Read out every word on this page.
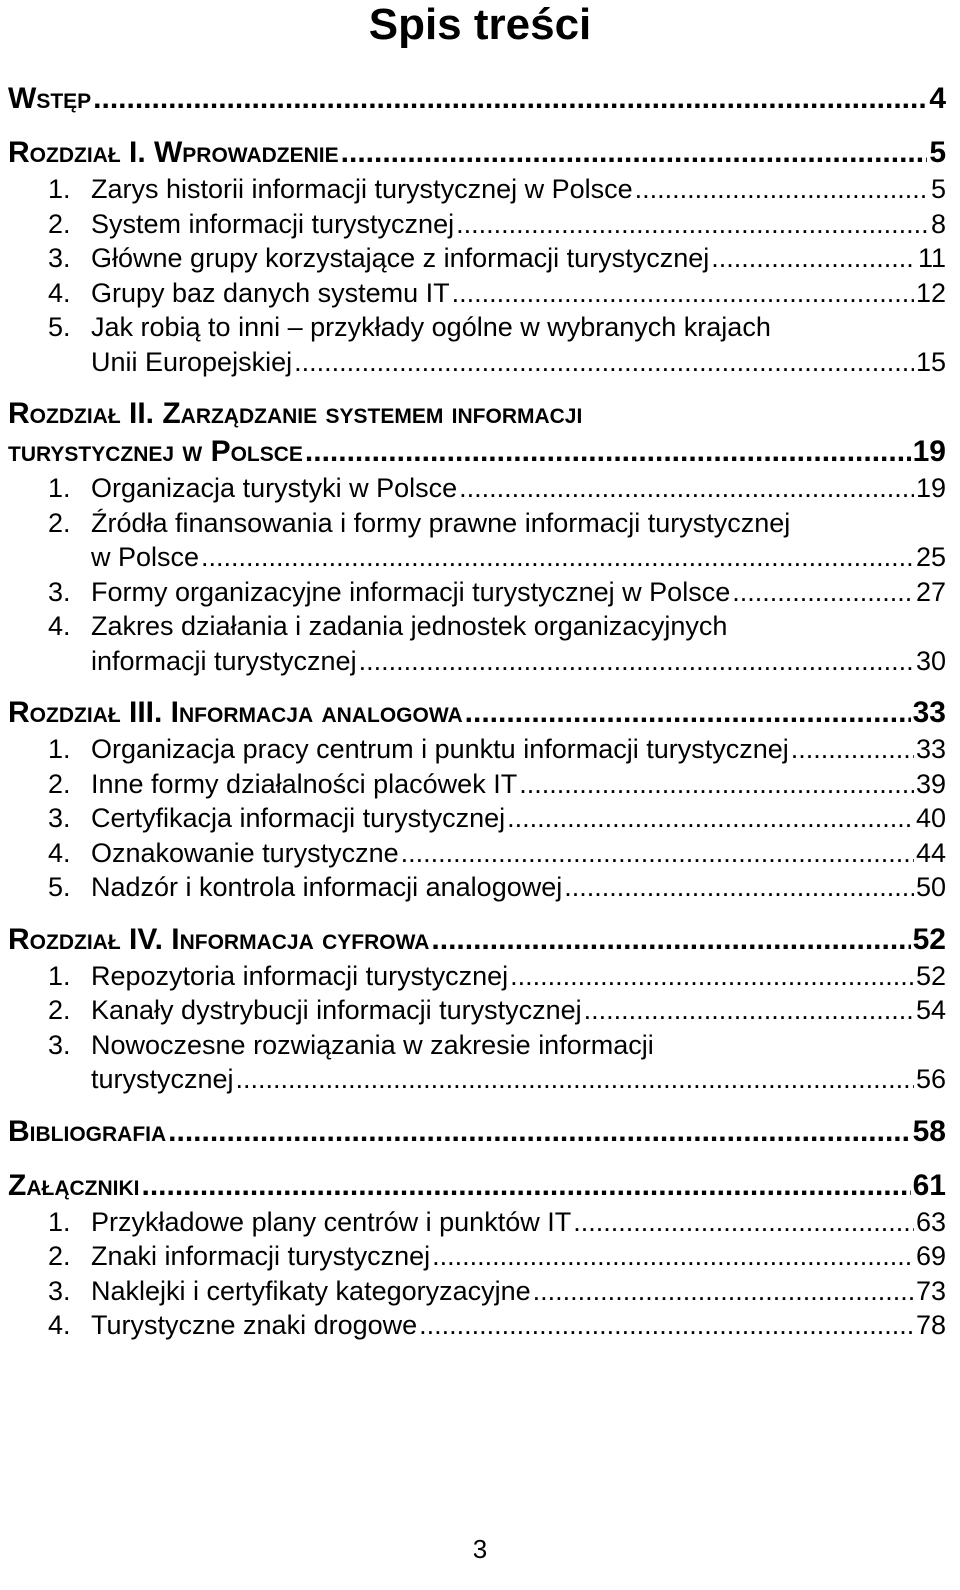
Spis treści
Wstęp .....	4
Rozdział I. Wprowadzenie .....	5
1. Zarys historii informacji turystycznej w Polsce .....	5
2. System informacji turystycznej .....	8
3. Główne grupy korzystające z informacji turystycznej .....	11
4. Grupy baz danych systemu IT .....	12
5. Jak robią to inni – przykłady ogólne w wybranych krajach
Unii Europejskiej .....	15
Rozdział II. Zarządzanie systemem informacji
turystycznej w Polsce .....	19
1. Organizacja turystyki w Polsce .....	19
2. Źródła finansowania i formy prawne informacji turystycznej
w Polsce .....	25
3. Formy organizacyjne informacji turystycznej w Polsce .....	27
4. Zakres działania i zadania jednostek organizacyjnych
informacji turystycznej .....	30
Rozdział III. Informacja analogowa .....	33
1. Organizacja pracy centrum i punktu informacji turystycznej .....	33
2. Inne formy działalności placówek IT .....	39
3. Certyfikacja informacji turystycznej .....	40
4. Oznakowanie turystyczne .....	44
5. Nadzór i kontrola informacji analogowej .....	50
Rozdział IV. Informacja cyfrowa .....	52
1. Repozytoria informacji turystycznej .....	52
2. Kanały dystrybucji informacji turystycznej .....	54
3. Nowoczesne rozwiązania w zakresie informacji
turystycznej .....	56
Bibliografia .....	58
Załączniki .....	61
1. Przykładowe plany centrów i punktów IT .....	63
2. Znaki informacji turystycznej .....	69
3. Naklejki i certyfikaty kategoryzacyjne .....	73
4. Turystyczne znaki drogowe .....	78
3
